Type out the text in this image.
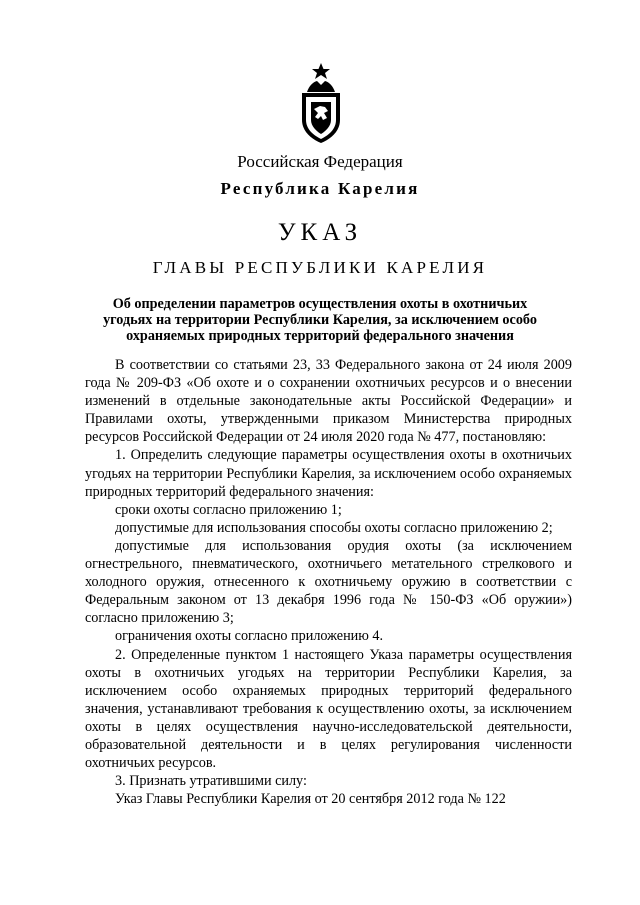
Российская Федерация
Республика Карелия
УКАЗ
ГЛАВЫ РЕСПУБЛИКИ КАРЕЛИЯ
Об определении параметров осуществления охоты в охотничьих угодьях на территории Республики Карелия, за исключением особо охраняемых природных территорий федерального значения

В соответствии со статьями 23, 33 Федерального закона от 24 июля 2009 года № 209-ФЗ «Об охоте и о сохранении охотничьих ресурсов и о внесении изменений в отдельные законодательные акты Российской Федерации» и Правилами охоты, утвержденными приказом Министерства природных ресурсов Российской Федерации от 24 июля 2020 года № 477, постановляю:

1. Определить следующие параметры осуществления охоты в охотничьих угодьях на территории Республики Карелия, за исключением особо охраняемых природных территорий федерального значения:

сроки охоты согласно приложению 1;

допустимые для использования способы охоты согласно приложению 2;

допустимые для использования орудия охоты (за исключением огнестрельного, пневматического, охотничьего метательного стрелкового и холодного оружия, отнесенного к охотничьему оружию в соответствии с Федеральным законом от 13 декабря 1996 года № 150-ФЗ «Об оружии») согласно приложению 3;

ограничения охоты согласно приложению 4.

2. Определенные пунктом 1 настоящего Указа параметры осуществления охоты в охотничьих угодьях на территории Республики Карелия, за исключением особо охраняемых природных территорий федерального значения, устанавливают требования к осуществлению охоты, за исключением охоты в целях осуществления научно-исследовательской деятельности, образовательной деятельности и в целях регулирования численности охотничьих ресурсов.

3. Признать утратившими силу:

Указ Главы Республики Карелия от 20 сентября 2012 года № 122
